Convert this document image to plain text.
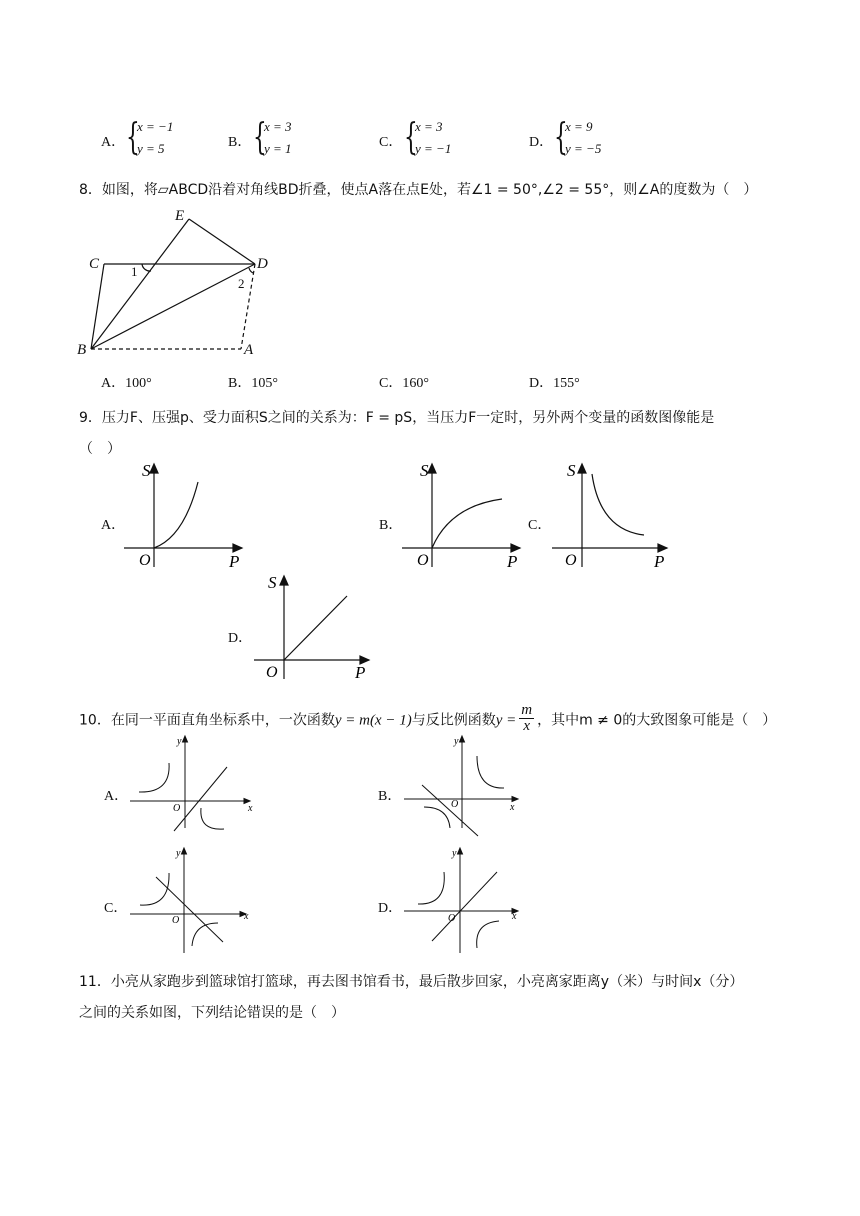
A． {
x = −1
y = 5	B． {
x = 3
y = 1	C． {
x = 3
y = −1	D． {
x = 9
y = −5
8．如图，将▱ABCD沿着对角线BD折叠，使点A落在点E处，若∠1 = 50°,∠2 = 55°，则∠A的度数为（　）
E
C	D
B	A
1
2
A．100°	B．105°	C．160°	D．155°
9．压力F、压强p、受力面积S之间的关系为：F = pS，当压力F一定时，另外两个变量的函数图像能是
（　）
A．
S
O	P
B．
S
O	P
C．
S
O	P
D．
S
O	P
10．在同一平面直角坐标系中，一次函数y = m(x − 1)与反比例函数$y = \frac{m}{x}$ ，其中m ≠ 0的大致图象可能是（　）
A．
y
x
O
B．
y
x
O
C．
y
x
O
D．
y
x
O
11．小亮从家跑步到篮球馆打篮球，再去图书馆看书，最后散步回家，小亮离家距离y（米）与时间x（分）
之间的关系如图，下列结论错误的是（　）
